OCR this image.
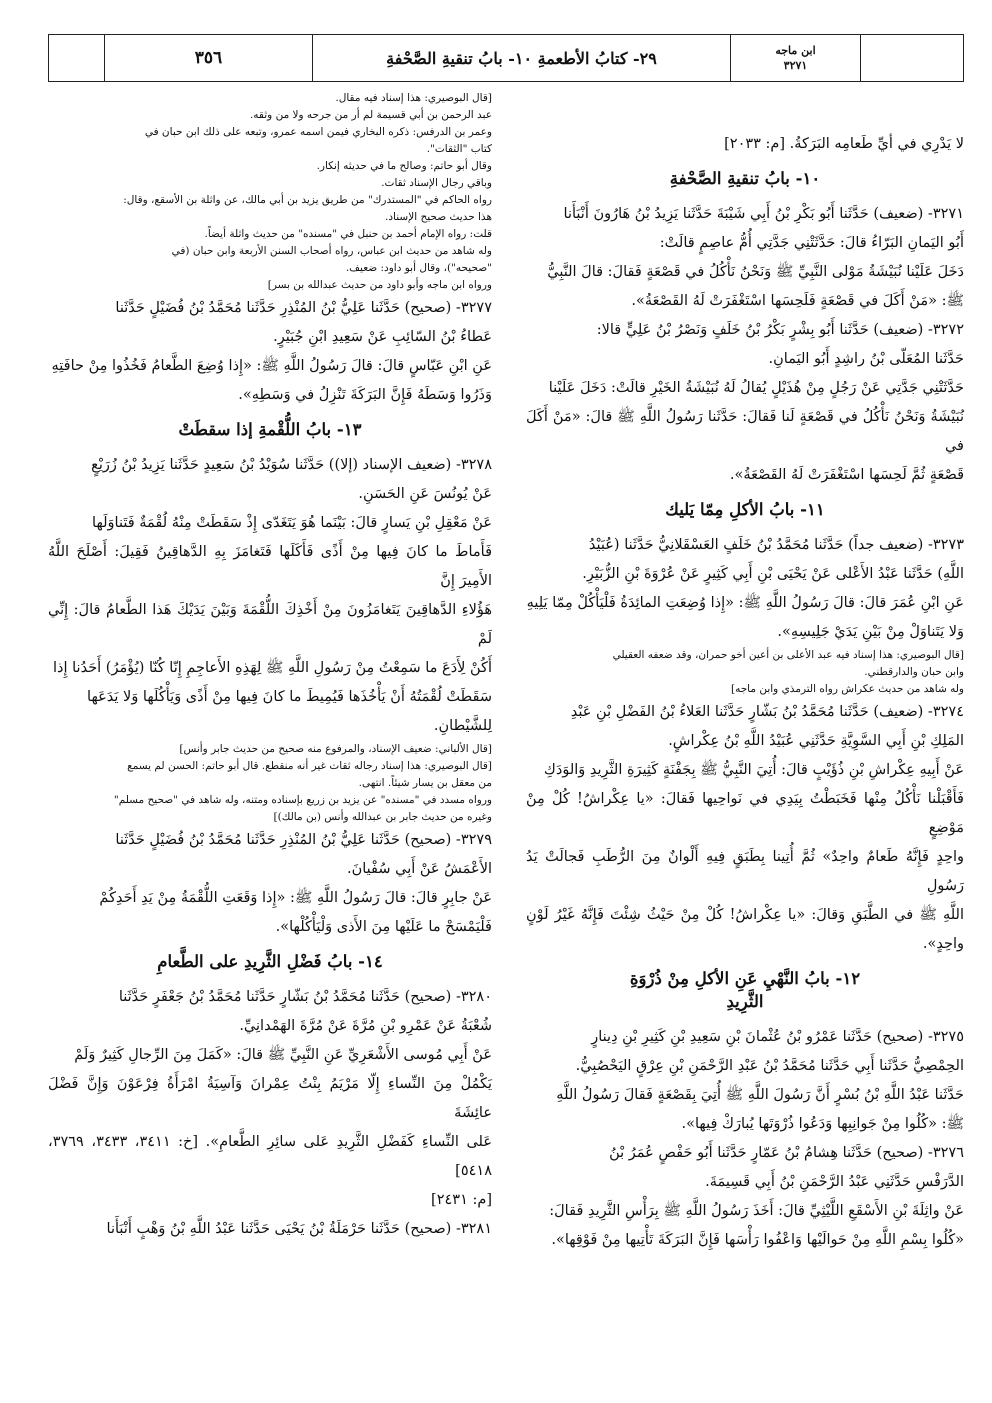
٣٥٦	٢٩- كتابُ الأطعمةِ ١٠- بابُ تنقيةِ الصَّحْفةِ	ابن ماجه
٣٢٧١

لا يَدْرِي في أيِّ طَعامِه البَرَكةُ. [م: ٢٠٣٣]

١٠- بابُ تنقيةِ الصَّحْفةِ

٣٢٧١- (ضعيف) حَدَّثَنا أَبُو بَكْرِ بْنُ أَبِي شَيْبَةَ حَدَّثَنا يَزِيدُ بْنُ هَارُونَ أَنْبَأَنا

أَبُو اليَمانِ البَرّاءُ قالَ: حَدَّثَتْنِي جَدَّتِي أُمُّ عاصِمٍ قالَتْ:

دَخَلَ عَلَيْنا نُبَيْشَةُ مَوْلى النَّبِيِّ ﷺ وَنَحْنُ نَأْكُلُ في قَصْعَةٍ فَقالَ: قالَ النَّبِيُّ

ﷺ: «مَنْ أَكَلَ في قَصْعَةٍ فَلَحِسَها اسْتَغْفَرَتْ لَهُ القَصْعَةُ».

٣٢٧٢- (ضعيف) حَدَّثَنا أَبُو بِشْرٍ بَكْرُ بْنُ خَلَفٍ وَنَصْرُ بْنُ عَلِيٍّ قالا:

حَدَّثَنا المُعَلّى بْنُ راشِدٍ أَبُو اليَمانِ.

حَدَّثَتْنِي جَدَّتِي عَنْ رَجُلٍ مِنْ هُذَيْلٍ يُقالُ لَهُ نُبَيْشَةُ الخَيْرِ قالَتْ: دَخَلَ عَلَيْنا

نُبَيْشَةُ وَنَحْنُ نَأْكُلُ في قَصْعَةٍ لَنا فَقالَ: حَدَّثَنا رَسُولُ اللَّهِ ﷺ قالَ: «مَنْ أَكَلَ في

قَصْعَةٍ ثُمَّ لَحِسَها اسْتَغْفَرَتْ لَهُ القَصْعَةُ».

١١- بابُ الأكلِ مِمّا يَليك

٣٢٧٣- (ضعيف جداً) حَدَّثَنا مُحَمَّدُ بْنُ خَلَفٍ العَسْقَلانِيُّ حَدَّثَنا (عُبَيْدُ

اللَّهِ) حَدَّثَنا عَبْدُ الأَعْلى عَنْ يَحْيَى بْنِ أَبِي كَثِيرٍ عَنْ عُرْوَةَ بْنِ الزُّبَيْرِ.

عَنِ ابْنِ عُمَرَ قالَ: قالَ رَسُولُ اللَّهِ ﷺ: «إِذا وُضِعَتِ المائِدَةُ فَلْيَأْكُلْ مِمّا يَلِيهِ

وَلا يَتَناوَلْ مِنْ بَيْنِ يَدَيْ جَلِيسِهِ».

[قال البوصيري: هذا إسناد فيه عبد الأعلى بن أعين أخو حمران، وقد ضعفه العقيلي

وابن حبان والدارقطني.

وله شاهد من حديث عكراش رواه الترمذي وابن ماجه]

٣٢٧٤- (ضعيف) حَدَّثَنا مُحَمَّدُ بْنُ بَشّارٍ حَدَّثَنا العَلاءُ بْنُ الفَضْلِ بْنِ عَبْدِ

المَلِكِ بْنِ أَبِي السَّوِيَّةِ حَدَّثَنِي عُبَيْدُ اللَّهِ بْنُ عِكْراشٍ.

عَنْ أَبِيهِ عِكْراشِ بْنِ ذُؤَيْبٍ قالَ: أُتِيَ النَّبِيُّ ﷺ بِجَفْنَةٍ كَثِيرَةِ الثَّرِيدِ وَالوَدَكِ

فَأَقْبَلْنا نَأْكُلُ مِنْها فَخَبَطْتُ بِيَدِي في نَواحِيها فَقالَ: «يا عِكْراشُ! كُلْ مِنْ مَوْضِعٍ

واحِدٍ فَإِنَّهُ طَعامٌ واحِدٌ» ثُمَّ أُتِينا بِطَبَقٍ فِيهِ أَلْوانٌ مِنَ الرُّطَبِ فَجالَتْ يَدُ رَسُولِ

اللَّهِ ﷺ في الطَّبَقِ وَقالَ: «يا عِكْراشُ! كُلْ مِنْ حَيْثُ شِئْتَ فَإِنَّهُ غَيْرُ لَوْنٍ واحِدٍ».

١٢- بابُ النَّهْيِ عَنِ الأكلِ مِنْ ذُرْوَةِ
الثَّرِيدِ

٣٢٧٥- (صحيح) حَدَّثَنا عَمْرُو بْنُ عُثْمانَ بْنِ سَعِيدِ بْنِ كَثِيرِ بْنِ دِينارٍ

الحِمْصِيُّ حَدَّثَنا أَبِي حَدَّثَنا مُحَمَّدُ بْنُ عَبْدِ الرَّحْمَنِ بْنِ عِرْقٍ اليَحْصُبِيُّ.

حَدَّثَنا عَبْدُ اللَّهِ بْنُ بُسْرٍ أَنَّ رَسُولَ اللَّهِ ﷺ أُتِيَ بِقَصْعَةٍ فَقالَ رَسُولُ اللَّهِ

ﷺ: «كُلُوا مِنْ جَوانِبِها وَدَعُوا ذُرْوَتَها يُبارَكْ فِيها».

٣٢٧٦- (صحيح) حَدَّثَنا هِشامُ بْنُ عَمّارٍ حَدَّثَنا أَبُو حَفْصٍ عُمَرُ بْنُ

الدَّرَفْسِ حَدَّثَنِي عَبْدُ الرَّحْمَنِ بْنُ أَبِي قَسِيمَةَ.

عَنْ واثِلَةَ بْنِ الأَسْقَعِ اللَّيْثِيِّ قالَ: أَخَذَ رَسُولُ اللَّهِ ﷺ بِرَأْسِ الثَّرِيدِ فَقالَ:

«كُلُوا بِسْمِ اللَّهِ مِنْ حَوالَيْها وَاعْفُوا رَأْسَها فَإِنَّ البَرَكَةَ تَأْتِيها مِنْ فَوْقِها».

[قال البوصيري: هذا إسناد فيه مقال.

عبد الرحمن بن أبي قسيمة لم أر من جرحه ولا من وثقه.

وعمر بن الدرفس: ذكره البخاري فيمن اسمه عمرو، وتبعه على ذلك ابن حبان في

كتاب "الثقات".

وقال أبو حاتم: وصالح ما في حديثه إنكار.

وباقي رجال الإسناد ثقات.

رواه الحاكم في "المستدرك" من طريق يزيد بن أبي مالك، عن واثلة بن الأسقع، وقال:

هذا حديث صحيح الإسناد.

قلت: رواه الإمام أحمد بن حنبل في "مسنده" من حديث واثلة أيضاً.

وله شاهد من حديث ابن عباس، رواه أصحاب السنن الأربعة وابن حبان (في

"صحيحه")، وقال أبو داود: ضعيف.

ورواه ابن ماجه وأبو داود من حديث عبدالله بن بسر]

٣٢٧٧- (صحيح) حَدَّثَنا عَلِيُّ بْنُ المُنْذِرِ حَدَّثَنا مُحَمَّدُ بْنُ فُضَيْلٍ حَدَّثَنا

عَطاءُ بْنُ السّائِبِ عَنْ سَعِيدِ ابْنِ جُبَيْرٍ.

عَنِ ابْنِ عَبّاسٍ قالَ: قالَ رَسُولُ اللَّهِ ﷺ: «إِذا وُضِعَ الطَّعامُ فَخُذُوا مِنْ حافَتِهِ

وَذَرُوا وَسَطَهُ فَإِنَّ البَرَكَةَ تَنْزِلُ في وَسَطِهِ».

١٣- بابُ اللُّقْمةِ إذا سقطَتْ

٣٢٧٨- (ضعيف الإسناد (إلا)) حَدَّثَنا سُوَيْدُ بْنُ سَعِيدٍ حَدَّثَنا يَزِيدُ بْنُ زُرَيْعٍ

عَنْ يُونُسَ عَنِ الحَسَنِ.

عَنْ مَعْقِلِ بْنِ يَسارٍ قالَ: بَيْنَما هُوَ يَتَغَدّى إِذْ سَقَطَتْ مِنْهُ لُقْمَةٌ فَتَناوَلَها

فَأَماطَ ما كانَ فِيها مِنْ أَذًى فَأَكَلَها فَتَغامَزَ بِهِ الدَّهاقِينُ فَقِيلَ: أَصْلَحَ اللَّهُ الأَمِيرَ إِنَّ

هَؤُلاءِ الدَّهاقِينَ يَتَغامَزُونَ مِنْ أَخْذِكَ اللُّقْمَةَ وَبَيْنَ يَدَيْكَ هَذا الطَّعامُ قالَ: إِنِّي لَمْ

أَكُنْ لِأَدَعَ ما سَمِعْتُ مِنْ رَسُولِ اللَّهِ ﷺ لِهَذِهِ الأَعاجِمِ إِنّا كُنّا (يُؤْمَرُ) أَحَدُنا إِذا

سَقَطَتْ لُقْمَتُهُ أَنْ يَأْخُذَها فَيُمِيطَ ما كانَ فِيها مِنْ أَذًى وَيَأْكُلَها وَلا يَدَعَها

لِلشَّيْطانِ.

[قال الألباني: ضعيف الإسناد، والمرفوع منه صحيح من حديث جابر وأنس]

[قال البوصيري: هذا إسناد رجاله ثقات غير أنه منقطع. قال أبو حاتم: الحسن لم يسمع

من معقل بن يسار شيئاً. انتهى.

ورواه مسدد في "مسنده" عن يزيد بن زريع بإسناده ومتنه، وله شاهد في "صحيح مسلم"

وغيره من حديث جابر بن عبدالله وأنس (بن مالك)]

٣٢٧٩- (صحيح) حَدَّثَنا عَلِيُّ بْنُ المُنْذِرِ حَدَّثَنا مُحَمَّدُ بْنُ فُضَيْلٍ حَدَّثَنا

الأَعْمَشُ عَنْ أَبِي سُفْيانَ.

عَنْ جابِرٍ قالَ: قالَ رَسُولُ اللَّهِ ﷺ: «إِذا وَقَعَتِ اللُّقْمَةُ مِنْ يَدِ أَحَدِكُمْ

فَلْيَمْسَحْ ما عَلَيْها مِنَ الأَذى وَلْيَأْكُلْها».

١٤- بابُ فَضْلِ الثَّرِيدِ على الطَّعامِ

٣٢٨٠- (صحيح) حَدَّثَنا مُحَمَّدُ بْنُ بَشّارٍ حَدَّثَنا مُحَمَّدُ بْنُ جَعْفَرٍ حَدَّثَنا

شُعْبَةُ عَنْ عَمْرِو بْنِ مُرَّةَ عَنْ مُرَّةَ الهَمْدانِيِّ.

عَنْ أَبِي مُوسى الأَشْعَرِيِّ عَنِ النَّبِيِّ ﷺ قالَ: «كَمَلَ مِنَ الرِّجالِ كَثِيرٌ وَلَمْ

يَكْمُلْ مِنَ النِّساءِ إِلّا مَرْيَمُ بِنْتُ عِمْرانَ وَآسِيَةُ امْرَأَةُ فِرْعَوْنَ وَإِنَّ فَضْلَ عائِشَةَ

عَلى النِّساءِ كَفَضْلِ الثَّرِيدِ عَلى سائِرِ الطَّعامِ». [خ: ٣٤١١، ٣٤٣٣، ٣٧٦٩، ٥٤١٨]

[م: ٢٤٣١]

٣٢٨١- (صحيح) حَدَّثَنا حَرْمَلَةُ بْنُ يَحْيَى حَدَّثَنا عَبْدُ اللَّهِ بْنُ وَهْبٍ أَنْبَأَنا
